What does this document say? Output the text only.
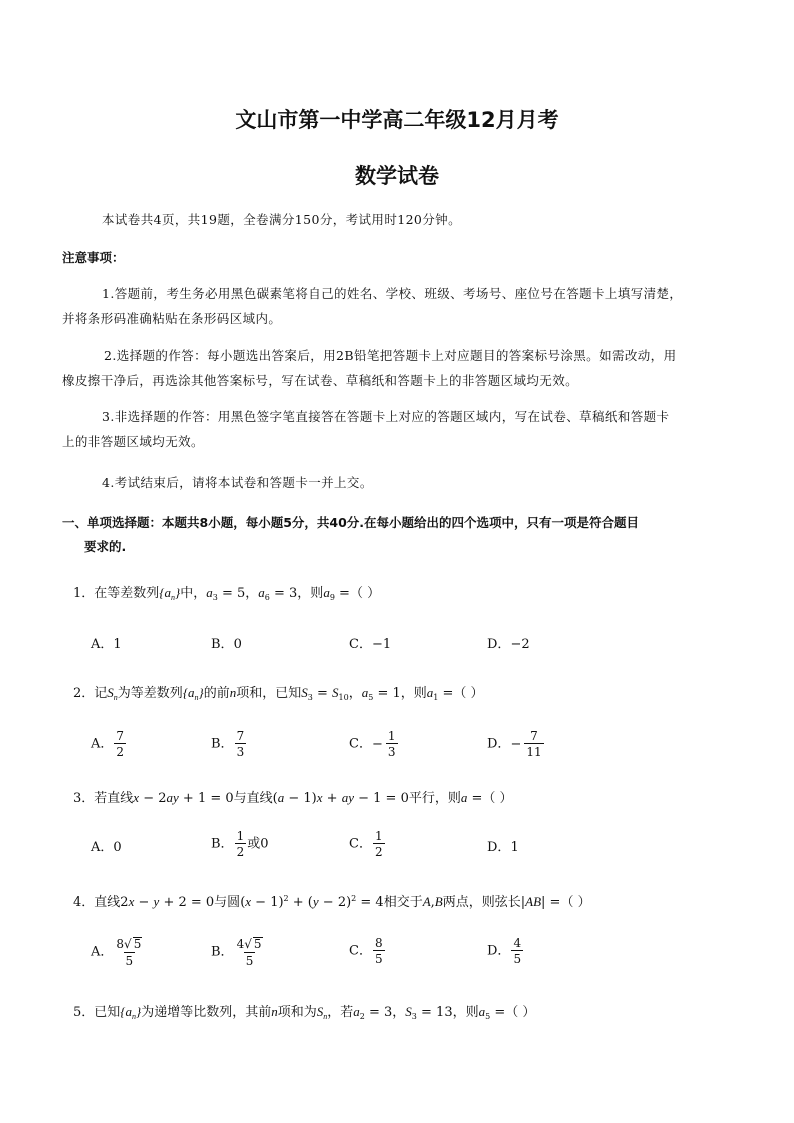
文山市第一中学高二年级12月月考
数学试卷
本试卷共4页，共19题，全卷满分150分，考试用时120分钟。
注意事项：
1.答题前，考生务必用黑色碳素笔将自己的姓名、学校、班级、考场号、座位号在答题卡上填写清楚，
并将条形码准确粘贴在条形码区域内。
2.选择题的作答：每小题选出答案后，用2B铅笔把答题卡上对应题目的答案标号涂黑。如需改动，用
橡皮擦干净后，再选涂其他答案标号，写在试卷、草稿纸和答题卡上的非答题区域均无效。
3.非选择题的作答：用黑色签字笔直接答在答题卡上对应的答题区域内，写在试卷、草稿纸和答题卡
上的非答题区域均无效。
4.考试结束后，请将本试卷和答题卡一并上交。
一、单项选择题：本题共8小题，每小题5分，共40分.在每小题给出的四个选项中，只有一项是符合题目
要求的.
1．在等差数列$\{a_n\}$中，$a_3 = 5$，$a_6 = 3$，则$a_9$ =（ ）
A．1	B．0	C．−1	D．−2
2．记$S_n$为等差数列$\{a_n\}$的前n项和，已知$S_3 = S_{10}$，$a_5 = 1$，则$a_1$ =（ ）
A． $\frac{7}{2}$	B． $\frac{7}{3}$	C．− $\frac{1}{3}$	D．− $\frac{7}{11}$
3．若直线x − 2ay + 1 = 0与直线(a − 1)x + ay − 1 = 0平行，则a =（ ）
A．0	B． $\frac{1}{2}$ 或0	C． $\frac{1}{2}$	D．1
4．直线2x − y + 2 = 0与圆$(x - 1)^2 + (y - 2)^2 = 4$相交于A,B两点，则弦长|AB| =（ ）
A． $\frac{8√ 5}{5}$	B． $\frac{4√ 5}{5}$	C． $\frac{8}{5}$	D． $\frac{4}{5}$
5．已知$\{a_n\}$为递增等比数列，其前n项和为$S_n$，若$a_2 = 3$，$S_3 = 13$，则$a_5$ =（ ）
